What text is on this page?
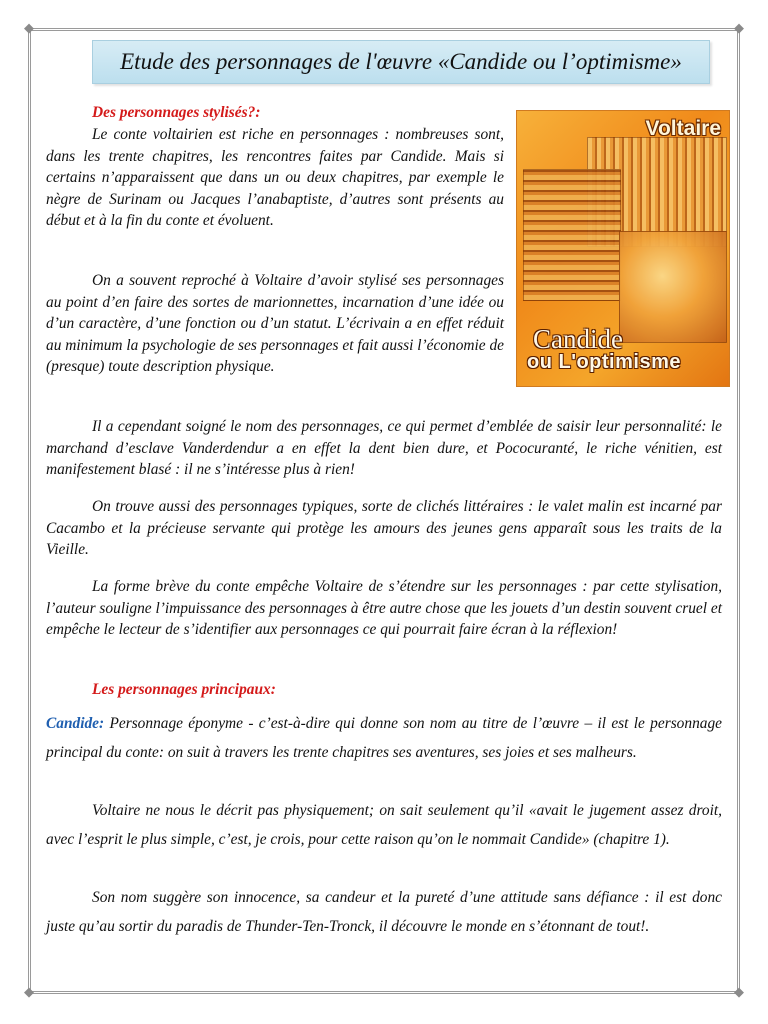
◆	◆
◆	◆
Etude des personnages de l'œuvre «Candide ou l’optimisme»
Des personnages stylisés?:

Le conte voltairien est riche en personnages : nombreuses sont, dans les trente chapitres, les rencontres faites par Candide. Mais si certains n’apparaissent que dans un ou deux chapitres, par exemple le nègre de Surinam ou Jacques l’anabaptiste, d’autres sont présents au début et à la fin du conte et évoluent.

On a souvent reproché à Voltaire d’avoir stylisé ses personnages au point d’en faire des sortes de marionnettes, incarnation d’une idée ou d’un caractère, d’une fonction ou d’un statut. L’écrivain a en effet réduit au minimum la psychologie de ses personnages et fait aussi l’économie de (presque) toute description physique.

Voltaire
Candide
ou L'optimisme

Il a cependant soigné le nom des personnages, ce qui permet d’emblée de saisir leur personnalité: le marchand d’esclave Vanderdendur a en effet la dent bien dure, et Pococuranté, le riche vénitien, est manifestement blasé : il ne s’intéresse plus à rien!

On trouve aussi des personnages typiques, sorte de clichés littéraires : le valet malin est incarné par Cacambo et la précieuse servante qui protège les amours des jeunes gens apparaît sous les traits de la Vieille.

La forme brève du conte empêche Voltaire de s’étendre sur les personnages : par cette stylisation, l’auteur souligne l’impuissance des personnages à être autre chose que les jouets d’un destin souvent cruel et empêche le lecteur de s’identifier aux personnages ce qui pourrait faire écran à la réflexion!

Les personnages principaux:

Candide: Personnage éponyme - c’est-à-dire qui donne son nom au titre de l’œuvre – il est le personnage principal du conte: on suit à travers les trente chapitres ses aventures, ses joies et ses malheurs.

Voltaire ne nous le décrit pas physiquement; on sait seulement qu’il «avait le jugement assez droit, avec l’esprit le plus simple, c’est, je crois, pour cette raison qu’on le nommait Candide» (chapitre 1).

Son nom suggère son innocence, sa candeur et la pureté d’une attitude sans défiance : il est donc juste qu’au sortir du paradis de Thunder-Ten-Tronck, il découvre le monde en s’étonnant de tout!.
